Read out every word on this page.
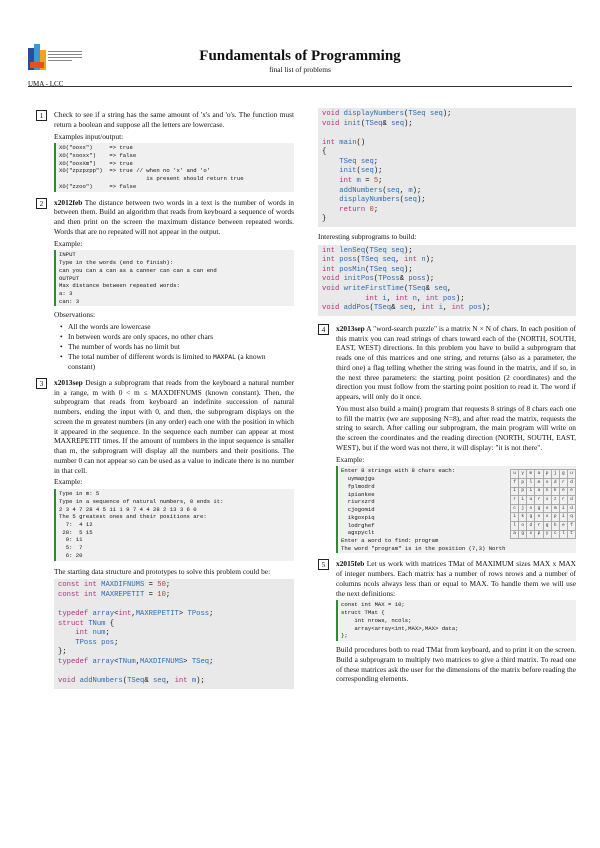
UMA - LCC
Fundamentals of Programming
final list of problems
1	Check to see if a string has the same amount of 'x's and 'o's. The function must return a boolean and suppose all the letters are lowercase.

Examples input/output:

XO("ooxx")     => true
XO("xooxx")    => false
XO("ooxXm")    => true
XO("zpzpzpp")  => true // when no 'x' and 'o'
is present should return true
XO("zzoo")     => false
2	x2012feb The distance between two words in a text is the number of words in between them. Build an algorithm that reads from keyboard a sequence of words and then print on the screen the maximum distance between repeated words. Words that are no repeated will not appear in the output.

Example:

INPUT
Type in the words (end to finish):
can you can a can as a canner can can a can end
OUTPUT
Max distance between repeated words:
a: 3
can: 3

Observations:

• All the words are lowercase
• In between words are only spaces, no other chars
• The number of words has no limit but
• The total number of different words is limited to MAXPAL (a known constant)
3	x2013sep Design a subprogram that reads from the keyboard a natural number in a range, m with 0 < m ≤ MAXDIFNUMS (known constant). Then, the subprogram that reads from keyboard an indefinite succession of natural numbers, ending the input with 0, and then, the subprogram displays on the screen the m greatest numbers (in any order) each one with the position in which it appeared in the sequence. In the sequence each number can appear at most MAXREPETIT times. If the amount of numbers in the input sequence is smaller than m, the subprogram will display all the numbers and their positions. The number 0 can not appear so can be used as a value to indicate there is no number in that cell.

Example:

Type in m: 5
Type in a sequence of natural numbers, 0 ends it:
2 3 4 7 28 4 5 11 1 9 7 4 4 28 2 13 3 6 0
The 5 greatest ones and their positions are:
7:  4 12
28:  5 15
9: 11
5:  7
6: 20

The starting data structure and prototypes to solve this problem could be:

const int MAXDIFNUMS = 50;
const int MAXREPETIT = 10;

typedef array<int,MAXREPETIT> TPoss;
struct TNum {
int num;
TPoss pos;
};
typedef array<TNum,MAXDIFNUMS> TSeq;

void addNumbers(TSeq& seq, int m);
void displayNumbers(TSeq seq);
void init(TSeq& seq);

int main()
{
TSeq seq;
init(seq);
int m = 5;
addNumbers(seq, m);
displayNumbers(seq);
return 0;
}

Interesting subprograms to build:

int lenSeq(TSeq seq);
int poss(TSeq seq, int n);
int posMin(TSeq seq);
void initPos(TPoss& poss);
void writeFirstTime(TSeq& seq,
int i, int n, int pos);
void addPos(TSeq& seq, int i, int pos);
4	x2013sep A "word-search puzzle" is a matrix N × N of chars. In each position of this matrix you can read strings of chars toward each of the (NORTH, SOUTH, EAST, WEST) directions. In this problem you have to build a subprogram that reads one of this matrices and one string, and returns (also as a parameter, the third one) a flag telling whether the string was found in the matrix, and if so, in the next three parameters: the starting point position (2 coordinates) and the direction you must follow from the starting point position to read it. The word if appears, will only do it once.

You must also build a main() program that requests 8 strings of 8 chars each one to fill the matrix (we are supposing N=8), and after read the matrix, requests the string to search. After calling our subprogram, the main program will write on the screen the coordinates and the reading direction (NORTH, SOUTH, EAST, WEST), but if the word was not there, it will display: "it is not there".

Example:

Enter 8 strings with 8 chars each:
uymapjgu
fplmodrd
ipiankee
riurxzrd
cjogomid
ikgoxpiq
lodrghef
agxpyclt
Enter a word to find: program
The word "program" is in the position (7,3) North
u	y	m	a	p	j	g	u
f	p	l	m	o	d	r	d
i	p	i	a	n	k	e	e
r	i	u	r	x	z	r	d
c	j	o	g	o	m	i	d
i	k	g	o	x	p	i	q
l	o	d	r	g	h	e	f
a	g	x	p	y	c	l	t
5	x2015feb Let us work with matrices TMat of MAXIMUM sizes MAX x MAX of integer numbers. Each matrix has a number of rows nrows and a number of columns ncols always less than or equal to MAX. To handle them we will use the next definitions:

const int MAX = 10;
struct TMat {
int nrows, ncols;
array<array<int,MAX>,MAX> data;
};

Build procedures both to read TMat from keyboard, and to print it on the screen. Build a subprogram to multiply two matrices to give a third matrix. To read one of these matrices ask the user for the dimensions of the matrix before reading the corresponding elements.
